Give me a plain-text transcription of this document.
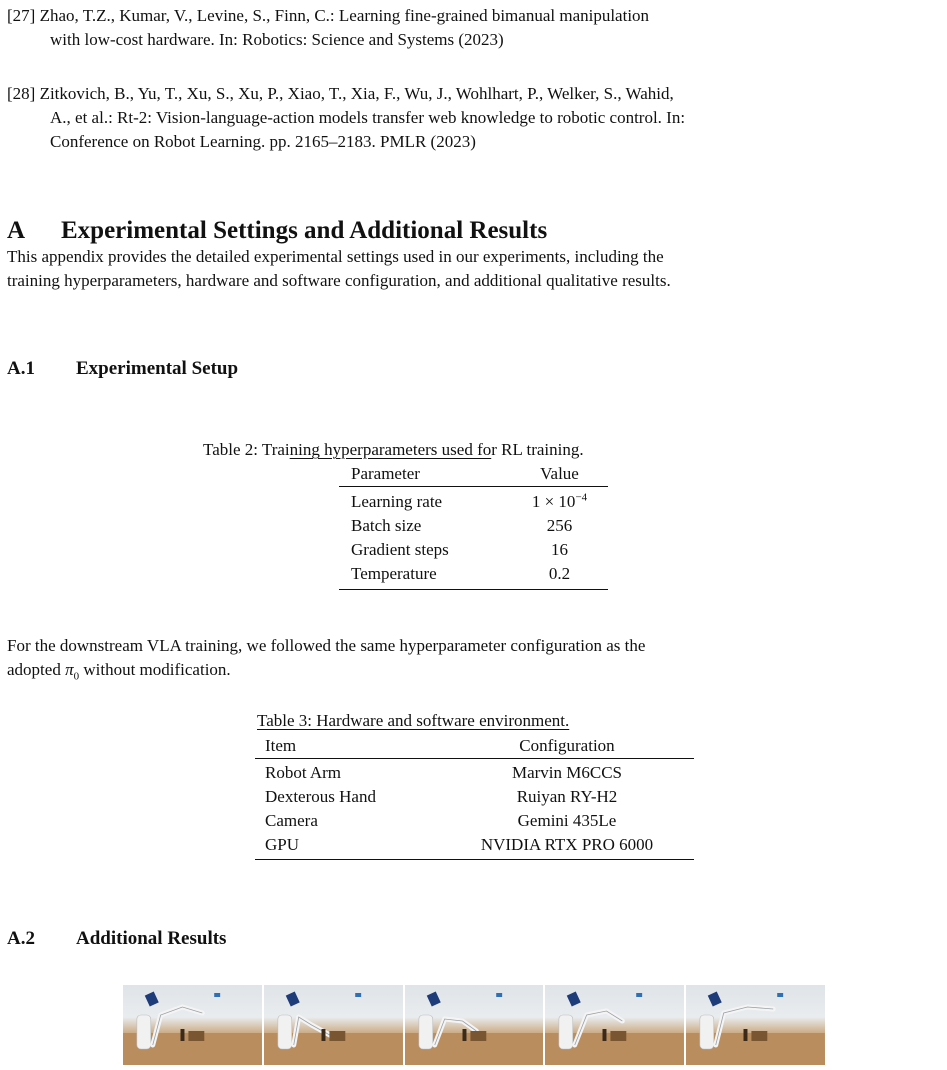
[27] Zhao, T.Z., Kumar, V., Levine, S., Finn, C.: Learning fine-grained bimanual manipulation
with low-cost hardware. In: Robotics: Science and Systems (2023)
[28] Zitkovich, B., Yu, T., Xu, S., Xu, P., Xiao, T., Xia, F., Wu, J., Wohlhart, P., Welker, S., Wahid,
A., et al.: Rt-2: Vision-language-action models transfer web knowledge to robotic control. In:
Conference on Robot Learning. pp. 2165–2183. PMLR (2023)
A Experimental Settings and Additional Results
This appendix provides the detailed experimental settings used in our experiments, including the
training hyperparameters, hardware and software configuration, and additional qualitative results.
A.1 Experimental Setup
Table 2: Training hyperparameters used for RL training.
Parameter	Value
Learning rate	$1 \times 10^{-4}$
Batch size	256
Gradient steps	16
Temperature	0.2
For the downstream VLA training, we followed the same hyperparameter configuration as the
adopted $\pi_0$ without modification.
Table 3: Hardware and software environment.
Item	Configuration
Robot Arm	Marvin M6CCS
Dexterous Hand	Ruiyan RY-H2
Camera	Gemini 435Le
GPU	NVIDIA RTX PRO 6000
A.2 Additional Results
